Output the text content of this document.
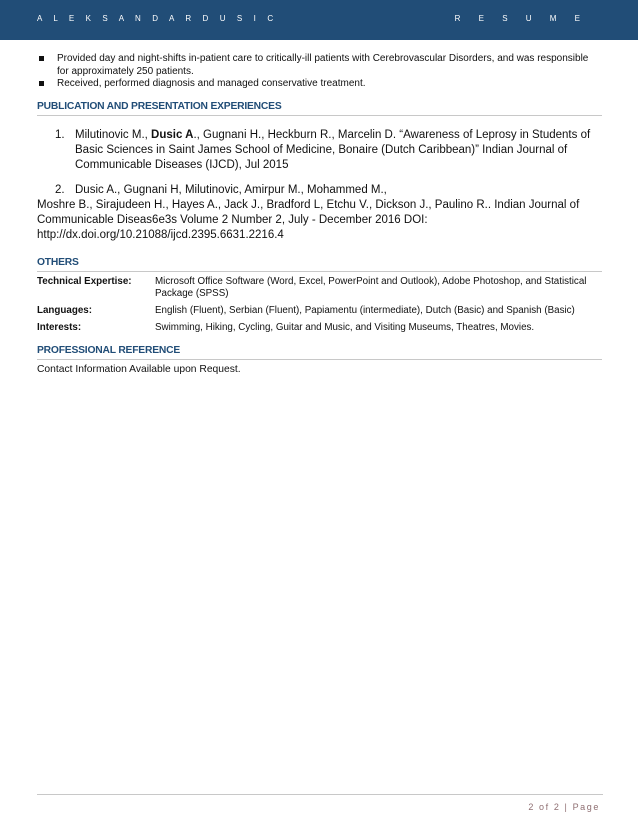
A L E K S A N D A R D U S I C	R E S U M E
Provided day and night-shifts in-patient care to critically-ill patients with Cerebrovascular Disorders, and was responsible for approximately 250 patients.
Received, performed diagnosis and managed conservative treatment.
PUBLICATION AND PRESENTATION EXPERIENCES
1. Milutinovic M., Dusic A., Gugnani H., Heckburn R., Marcelin D. “Awareness of Leprosy in Students of Basic Sciences in Saint James School of Medicine, Bonaire (Dutch Caribbean)” Indian Journal of Communicable Diseases (IJCD), Jul 2015
2. Dusic A., Gugnani H, Milutinovic, Amirpur M., Mohammed M.,
Moshre B., Sirajudeen H., Hayes A., Jack J., Bradford L, Etchu V., Dickson J., Paulino R.. Indian Journal of Communicable Diseas6e3s Volume 2 Number 2, July - December 2016 DOI: http://dx.doi.org/10.21088/ijcd.2395.6631.2216.4
OTHERS
Technical Expertise:	Microsoft Office Software (Word, Excel, PowerPoint and Outlook), Adobe Photoshop, and Statistical Package (SPSS)
Languages:	English (Fluent), Serbian (Fluent), Papiamentu (intermediate), Dutch (Basic) and Spanish (Basic)
Interests:	Swimming, Hiking, Cycling, Guitar and Music, and Visiting Museums, Theatres, Movies.
PROFESSIONAL REFERENCE
Contact Information Available upon Request.
2 of 2 | Page
